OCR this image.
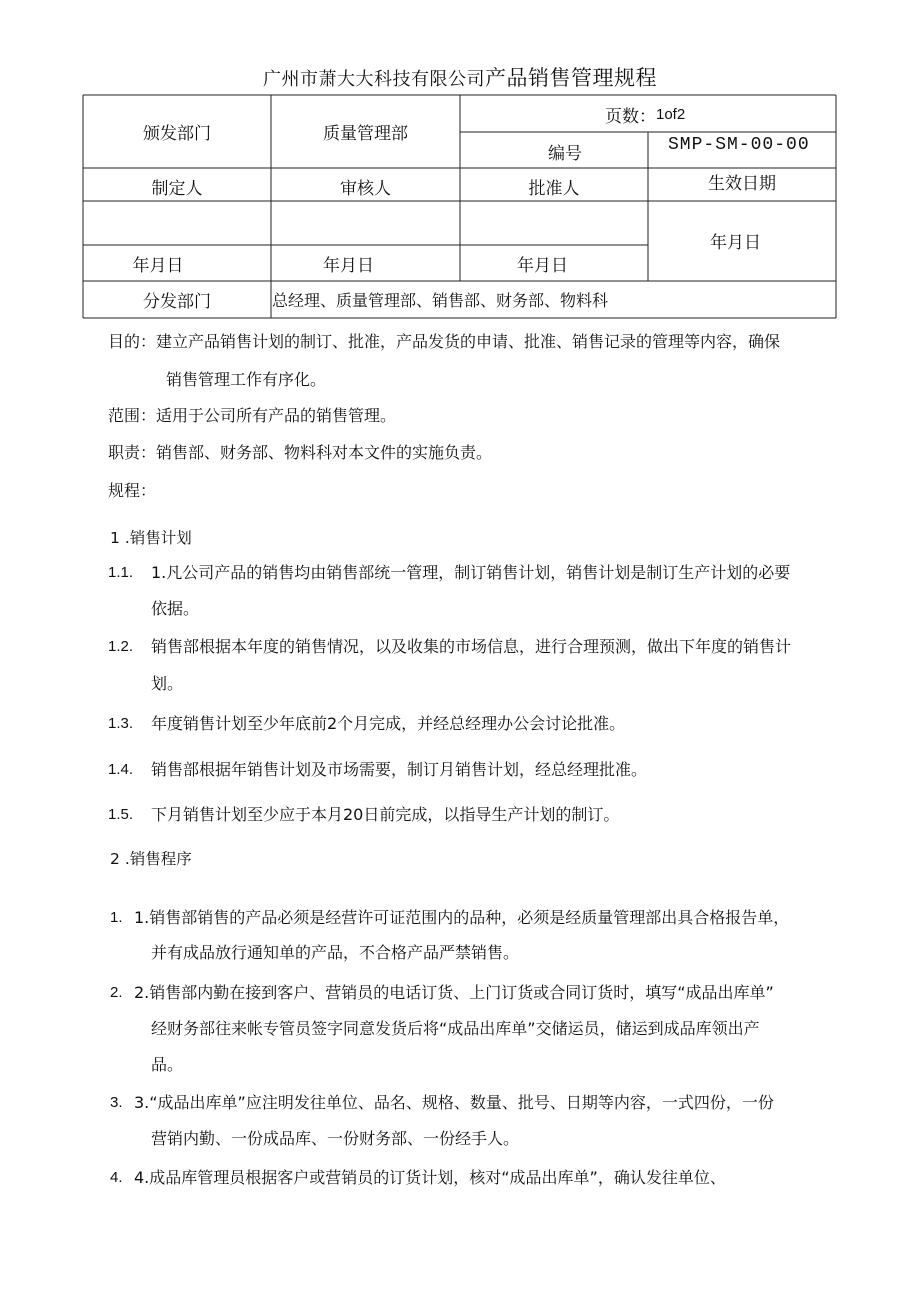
广州市萧大大科技有限公司产品销售管理规程
颁发部门	质量管理部
页数： 1of2
编号	SMP-SM-00-00
制定人	审核人	批准人	生效日期
年月日	年月日	年月日
年月日
分发部门	总经理、质量管理部、销售部、财务部、物料科
目的：建立产品销售计划的制订、批准，产品发货的申请、批准、销售记录的管理等内容，确保
销售管理工作有序化。
范围：适用于公司所有产品的销售管理。
职责：销售部、财务部、物料科对本文件的实施负责。
规程：
1 .销售计划
1.1. 1.凡公司产品的销售均由销售部统一管理，制订销售计划，销售计划是制订生产计划的必要
依据。
1.2. 销售部根据本年度的销售情况，以及收集的市场信息，进行合理预测，做出下年度的销售计
划。
1.3. 年度销售计划至少年底前2个月完成，并经总经理办公会讨论批准。
1.4. 销售部根据年销售计划及市场需要，制订月销售计划，经总经理批准。
1.5. 下月销售计划至少应于本月20日前完成，以指导生产计划的制订。
2 .销售程序
1. 1.销售部销售的产品必须是经营许可证范围内的品种，必须是经质量管理部出具合格报告单，
并有成品放行通知单的产品，不合格产品严禁销售。
2. 2.销售部内勤在接到客户、营销员的电话订货、上门订货或合同订货时，填写“成品出库单”
经财务部往来帐专管员签字同意发货后将“成品出库单”交储运员，储运到成品库领出产
品。
3. 3.“成品出库单”应注明发往单位、品名、规格、数量、批号、日期等内容，一式四份，一份
营销内勤、一份成品库、一份财务部、一份经手人。
4. 4.成品库管理员根据客户或营销员的订货计划，核对“成品出库单”，确认发往单位、
